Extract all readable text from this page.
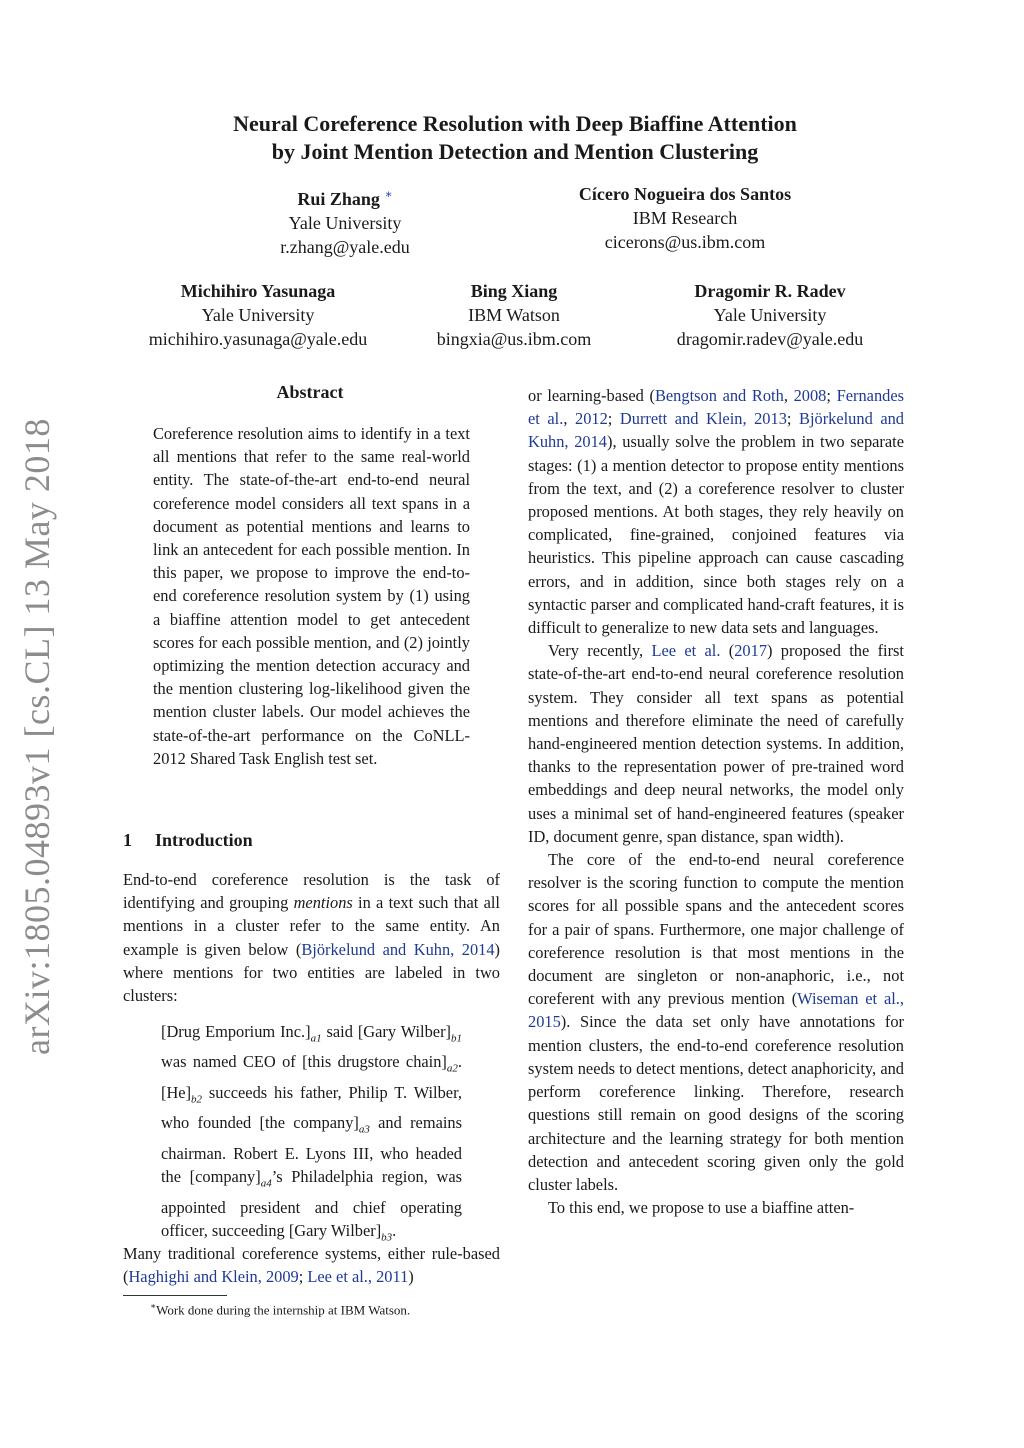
arXiv:1805.04893v1 [cs.CL] 13 May 2018
Neural Coreference Resolution with Deep Biaffine Attention
by Joint Mention Detection and Mention Clustering
Rui Zhang ∗
Yale University
r.zhang@yale.edu
Cícero Nogueira dos Santos
IBM Research
cicerons@us.ibm.com
Michihiro Yasunaga
Yale University
michihiro.yasunaga@yale.edu
Bing Xiang
IBM Watson
bingxia@us.ibm.com
Dragomir R. Radev
Yale University
dragomir.radev@yale.edu
Abstract

Coreference resolution aims to identify in a text all mentions that refer to the same real-world entity. The state-of-the-art end-to-end neural coreference model considers all text spans in a document as potential mentions and learns to link an antecedent for each possible mention. In this paper, we propose to improve the end-to-end coreference resolution system by (1) using a biaffine attention model to get antecedent scores for each possible mention, and (2) jointly optimizing the mention detection accuracy and the mention clustering log-likelihood given the mention cluster labels. Our model achieves the state-of-the-art performance on the CoNLL-2012 Shared Task English test set.

1 Introduction

End-to-end coreference resolution is the task of identifying and grouping mentions in a text such that all mentions in a cluster refer to the same entity. An example is given below (Björkelund and Kuhn, 2014) where mentions for two entities are labeled in two clusters:

[Drug Emporium $Inc.]_{a1}$ said [Gary $Wilber]_{b1}$ was named CEO of [this drugstore $chain]_{a2}$. $[He]_{b2}$ succeeds his father, Philip T. Wilber, who founded [the $company]_{a3}$ and remains chairman. Robert E. Lyons III, who headed the $[company]_{a4}’s$ Philadelphia region, was appointed president and chief operating officer, succeeding [Gary $Wilber]_{b3}$.

Many traditional coreference systems, either rule-based (Haghighi and Klein, 2009; Lee et al., 2011)

∗Work done during the internship at IBM Watson.

or learning-based (Bengtson and Roth, 2008; Fernandes et al., 2012; Durrett and Klein, 2013; Björkelund and Kuhn, 2014), usually solve the problem in two separate stages: (1) a mention detector to propose entity mentions from the text, and (2) a coreference resolver to cluster proposed mentions. At both stages, they rely heavily on complicated, fine-grained, conjoined features via heuristics. This pipeline approach can cause cascading errors, and in addition, since both stages rely on a syntactic parser and complicated hand-craft features, it is difficult to generalize to new data sets and languages.

Very recently, Lee et al. (2017) proposed the first state-of-the-art end-to-end neural coreference resolution system. They consider all text spans as potential mentions and therefore eliminate the need of carefully hand-engineered mention detection systems. In addition, thanks to the representation power of pre-trained word embeddings and deep neural networks, the model only uses a minimal set of hand-engineered features (speaker ID, document genre, span distance, span width).

The core of the end-to-end neural coreference resolver is the scoring function to compute the mention scores for all possible spans and the antecedent scores for a pair of spans. Furthermore, one major challenge of coreference resolution is that most mentions in the document are singleton or non-anaphoric, i.e., not coreferent with any previous mention (Wiseman et al., 2015). Since the data set only have annotations for mention clusters, the end-to-end coreference resolution system needs to detect mentions, detect anaphoricity, and perform coreference linking. Therefore, research questions still remain on good designs of the scoring architecture and the learning strategy for both mention detection and antecedent scoring given only the gold cluster labels.

To this end, we propose to use a biaffine atten-
